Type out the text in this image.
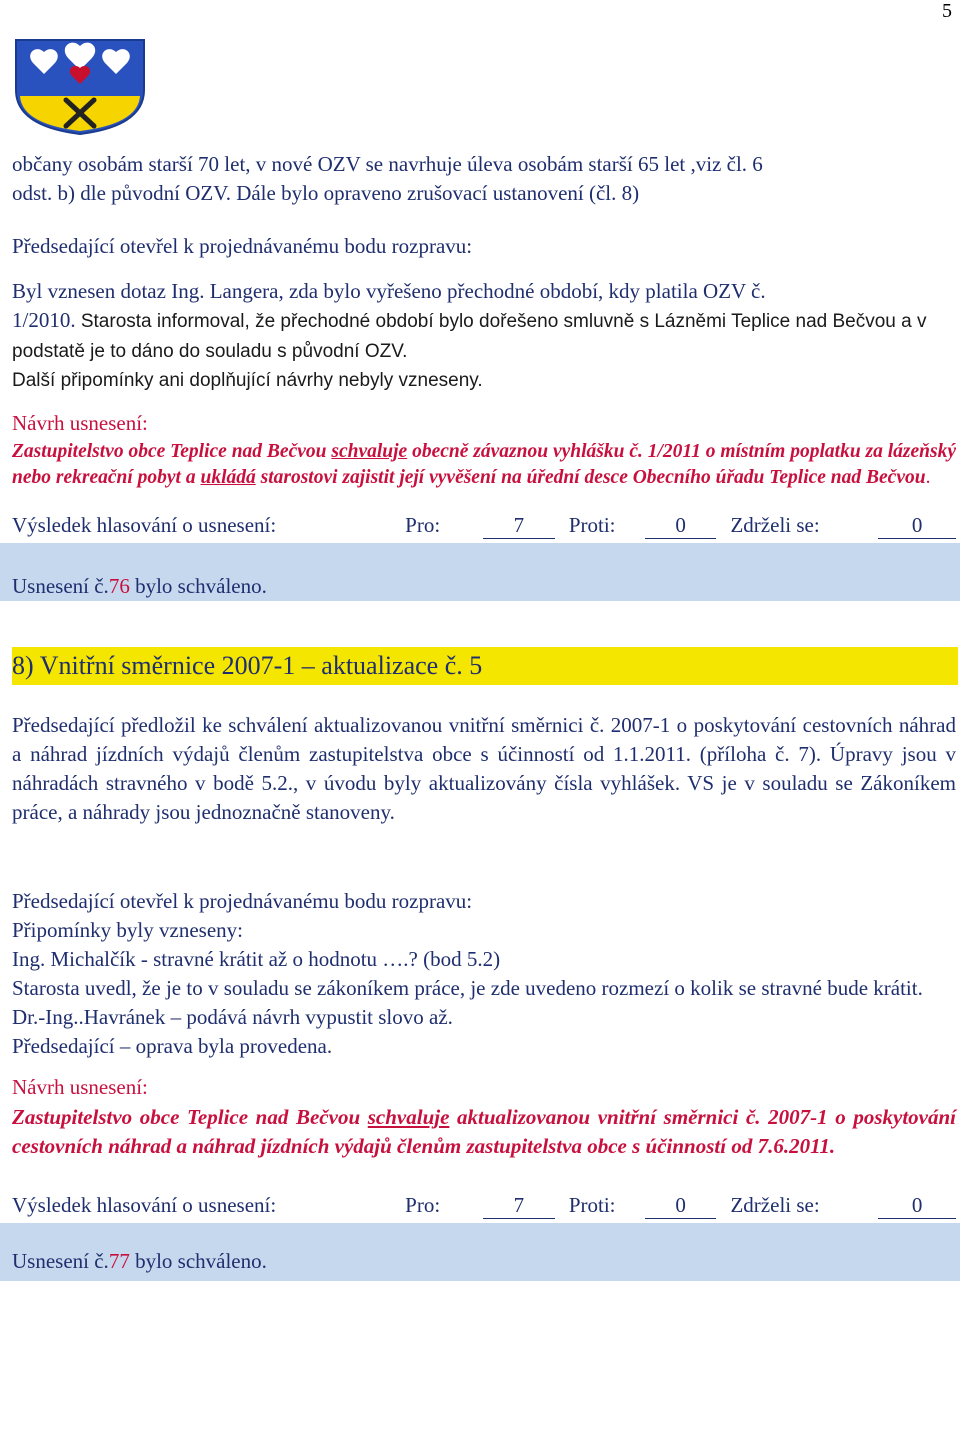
5

občany osobám starší 70 let, v nové OZV se navrhuje úleva osobám starší 65 let ,viz čl. 6

odst. b) dle původní OZV. Dále bylo opraveno zrušovací ustanovení (čl. 8)

Předsedající otevřel k projednávanému bodu rozpravu:

Byl vznesen dotaz Ing. Langera, zda bylo vyřešeno přechodné období, kdy platila OZV č.

1/2010. Starosta informoval, že přechodné období bylo dořešeno smluvně s Lázněmi Teplice nad Bečvou a v podstatě je to dáno do souladu s původní OZV.

Další připomínky ani doplňující návrhy nebyly vzneseny.

Návrh usnesení:

Zastupitelstvo obce Teplice nad Bečvou schvaluje obecně závaznou vyhlášku č. 1/2011 o místním poplatku za lázeňský nebo rekreační pobyt a ukládá starostovi zajistit její vyvěšení na úřední desce Obecního úřadu Teplice nad Bečvou.

Výsledek hlasování o usnesení:	Pro:	7	Proti:	0	Zdrželi se:	0
Usnesení č.76 bylo schváleno.
8) Vnitřní směrnice 2007-1 – aktualizace č. 5

Předsedající předložil ke schválení aktualizovanou vnitřní směrnici č. 2007-1 o poskytování cestovních náhrad a náhrad jízdních výdajů členům zastupitelstva obce s účinností od 1.1.2011. (příloha č. 7). Úpravy jsou v náhradách stravného v bodě 5.2., v úvodu byly aktualizovány čísla vyhlášek. VS je v souladu se Zákoníkem práce, a náhrady jsou jednoznačně stanoveny.

Předsedající otevřel k projednávanému bodu rozpravu:

Připomínky byly vzneseny:

Ing. Michalčík - stravné krátit až o hodnotu ….? (bod 5.2)

Starosta uvedl, že je to v souladu se zákoníkem práce, je zde uvedeno rozmezí o kolik se stravné bude krátit.

Dr.-Ing..Havránek – podává návrh vypustit slovo až.

Předsedající – oprava byla provedena.

Návrh usnesení:

Zastupitelstvo obce Teplice nad Bečvou schvaluje aktualizovanou vnitřní směrnici č. 2007-1 o poskytování cestovních náhrad a náhrad jízdních výdajů členům zastupitelstva obce s účinností od 7.6.2011.

Výsledek hlasování o usnesení:	Pro:	7	Proti:	0	Zdrželi se:	0
Usnesení č.77 bylo schváleno.
